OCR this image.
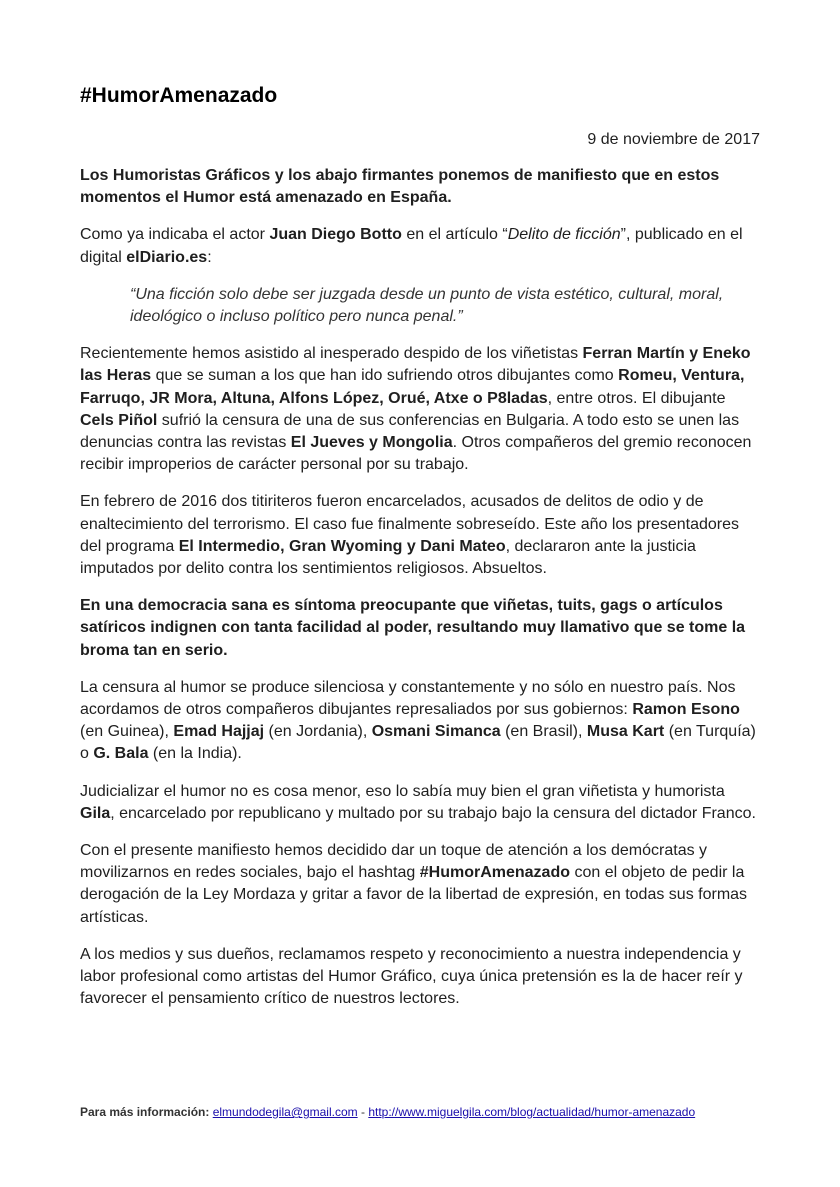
#HumorAmenazado
9 de noviembre de 2017

Los Humoristas Gráficos y los abajo firmantes ponemos de manifiesto que en estos momentos el Humor está amenazado en España.

Como ya indicaba el actor Juan Diego Botto en el artículo “Delito de ficción”, publicado en el digital elDiario.es:

“Una ficción solo debe ser juzgada desde un punto de vista estético, cultural, moral, ideológico o incluso político pero nunca penal.”

Recientemente hemos asistido al inesperado despido de los viñetistas Ferran Martín y Eneko las Heras que se suman a los que han ido sufriendo otros dibujantes como Romeu, Ventura, Farruqo, JR Mora, Altuna, Alfons López, Orué, Atxe o P8ladas, entre otros. El dibujante Cels Piñol sufrió la censura de una de sus conferencias en Bulgaria. A todo esto se unen las denuncias contra las revistas El Jueves y Mongolia. Otros compañeros del gremio reconocen recibir improperios de carácter personal por su trabajo.

En febrero de 2016 dos titiriteros fueron encarcelados, acusados de delitos de odio y de enaltecimiento del terrorismo. El caso fue finalmente sobreseído. Este año los presentadores del programa El Intermedio, Gran Wyoming y Dani Mateo, declararon ante la justicia imputados por delito contra los sentimientos religiosos. Absueltos.

En una democracia sana es síntoma preocupante que viñetas, tuits, gags o artículos satíricos indignen con tanta facilidad al poder, resultando muy llamativo que se tome la broma tan en serio.

La censura al humor se produce silenciosa y constantemente y no sólo en nuestro país. Nos acordamos de otros compañeros dibujantes represaliados por sus gobiernos: Ramon Esono (en Guinea), Emad Hajjaj (en Jordania), Osmani Simanca (en Brasil), Musa Kart (en Turquía) o G. Bala (en la India).

Judicializar el humor no es cosa menor, eso lo sabía muy bien el gran viñetista y humorista Gila, encarcelado por republicano y multado por su trabajo bajo la censura del dictador Franco.

Con el presente manifiesto hemos decidido dar un toque de atención a los demócratas y movilizarnos en redes sociales, bajo el hashtag #HumorAmenazado con el objeto de pedir la derogación de la Ley Mordaza y gritar a favor de la libertad de expresión, en todas sus formas artísticas.

A los medios y sus dueños, reclamamos respeto y reconocimiento a nuestra independencia y labor profesional como artistas del Humor Gráfico, cuya única pretensión es la de hacer reír y favorecer el pensamiento crítico de nuestros lectores.

Para más información: elmundodegila@gmail.com - http://www.miguelgila.com/blog/actualidad/humor-amenazado
